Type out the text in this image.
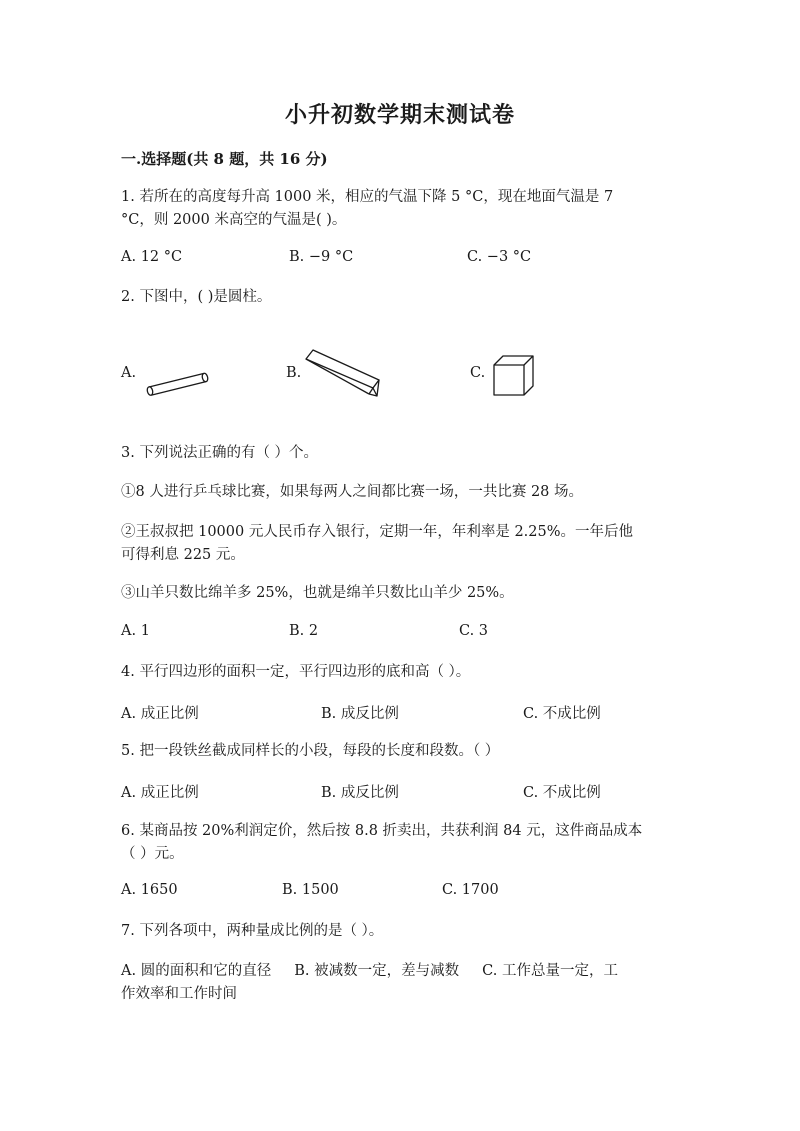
小升初数学期末测试卷
一.选择题(共 8 题，共 16 分)
1. 若所在的高度每升高 1000 米，相应的气温下降 5 °C，现在地面气温是 7
°C，则 2000 米高空的气温是( )。
A. 12 °C	B. −9 °C	C. −3 °C
2. 下图中，( )是圆柱。
A.	B.	C.
3. 下列说法正确的有（ ）个。
①8 人进行乒乓球比赛，如果每两人之间都比赛一场，一共比赛 28 场。
②王叔叔把 10000 元人民币存入银行，定期一年，年利率是 2.25%。一年后他
可得利息 225 元。
③山羊只数比绵羊多 25%，也就是绵羊只数比山羊少 25%。
A. 1	B. 2	C. 3
4. 平行四边形的面积一定，平行四边形的底和高（ ）。
A. 成正比例	B. 成反比例	C. 不成比例
5. 把一段铁丝截成同样长的小段，每段的长度和段数。（ ）
A. 成正比例	B. 成反比例	C. 不成比例
6. 某商品按 20%利润定价，然后按 8.8 折卖出，共获利润 84 元，这件商品成本
（ ）元。
A. 1650	B. 1500	C. 1700
7. 下列各项中，两种量成比例的是（ ）。
A. 圆的面积和它的直径     B. 被减数一定，差与减数     C. 工作总量一定，工
作效率和工作时间
